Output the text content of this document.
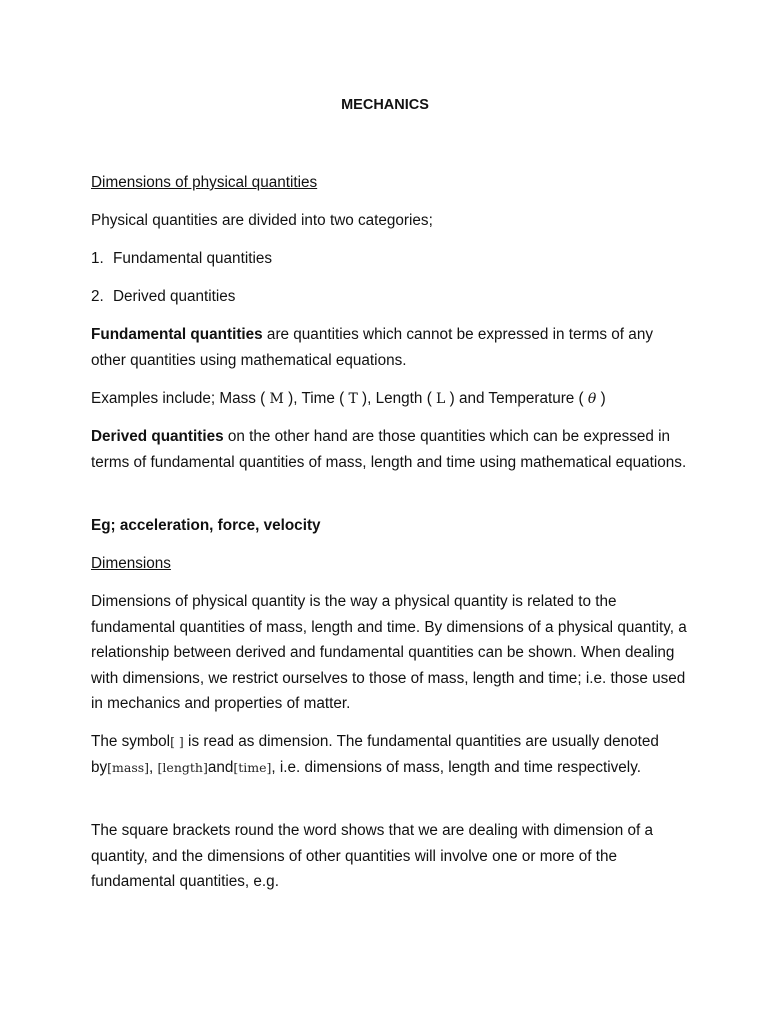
MECHANICS

Dimensions of physical quantities

Physical quantities are divided into two categories;

1. Fundamental quantities

2. Derived quantities

Fundamental quantities are quantities which cannot be expressed in terms of any other quantities using mathematical equations.

Examples include; Mass ( M ), Time ( T ), Length ( L ) and Temperature ( θ )

Derived quantities on the other hand are those quantities which can be expressed in terms of fundamental quantities of mass, length and time using mathematical equations.

Eg; acceleration, force, velocity

Dimensions

Dimensions of physical quantity is the way a physical quantity is related to the fundamental quantities of mass, length and time. By dimensions of a physical quantity, a relationship between derived and fundamental quantities can be shown. When dealing with dimensions, we restrict ourselves to those of mass, length and time; i.e. those used in mechanics and properties of matter.

The symbol[ ] is read as dimension. The fundamental quantities are usually denoted by[mass], [length]and[time], i.e. dimensions of mass, length and time respectively.

The square brackets round the word shows that we are dealing with dimension of a quantity, and the dimensions of other quantities will involve one or more of the fundamental quantities, e.g.
